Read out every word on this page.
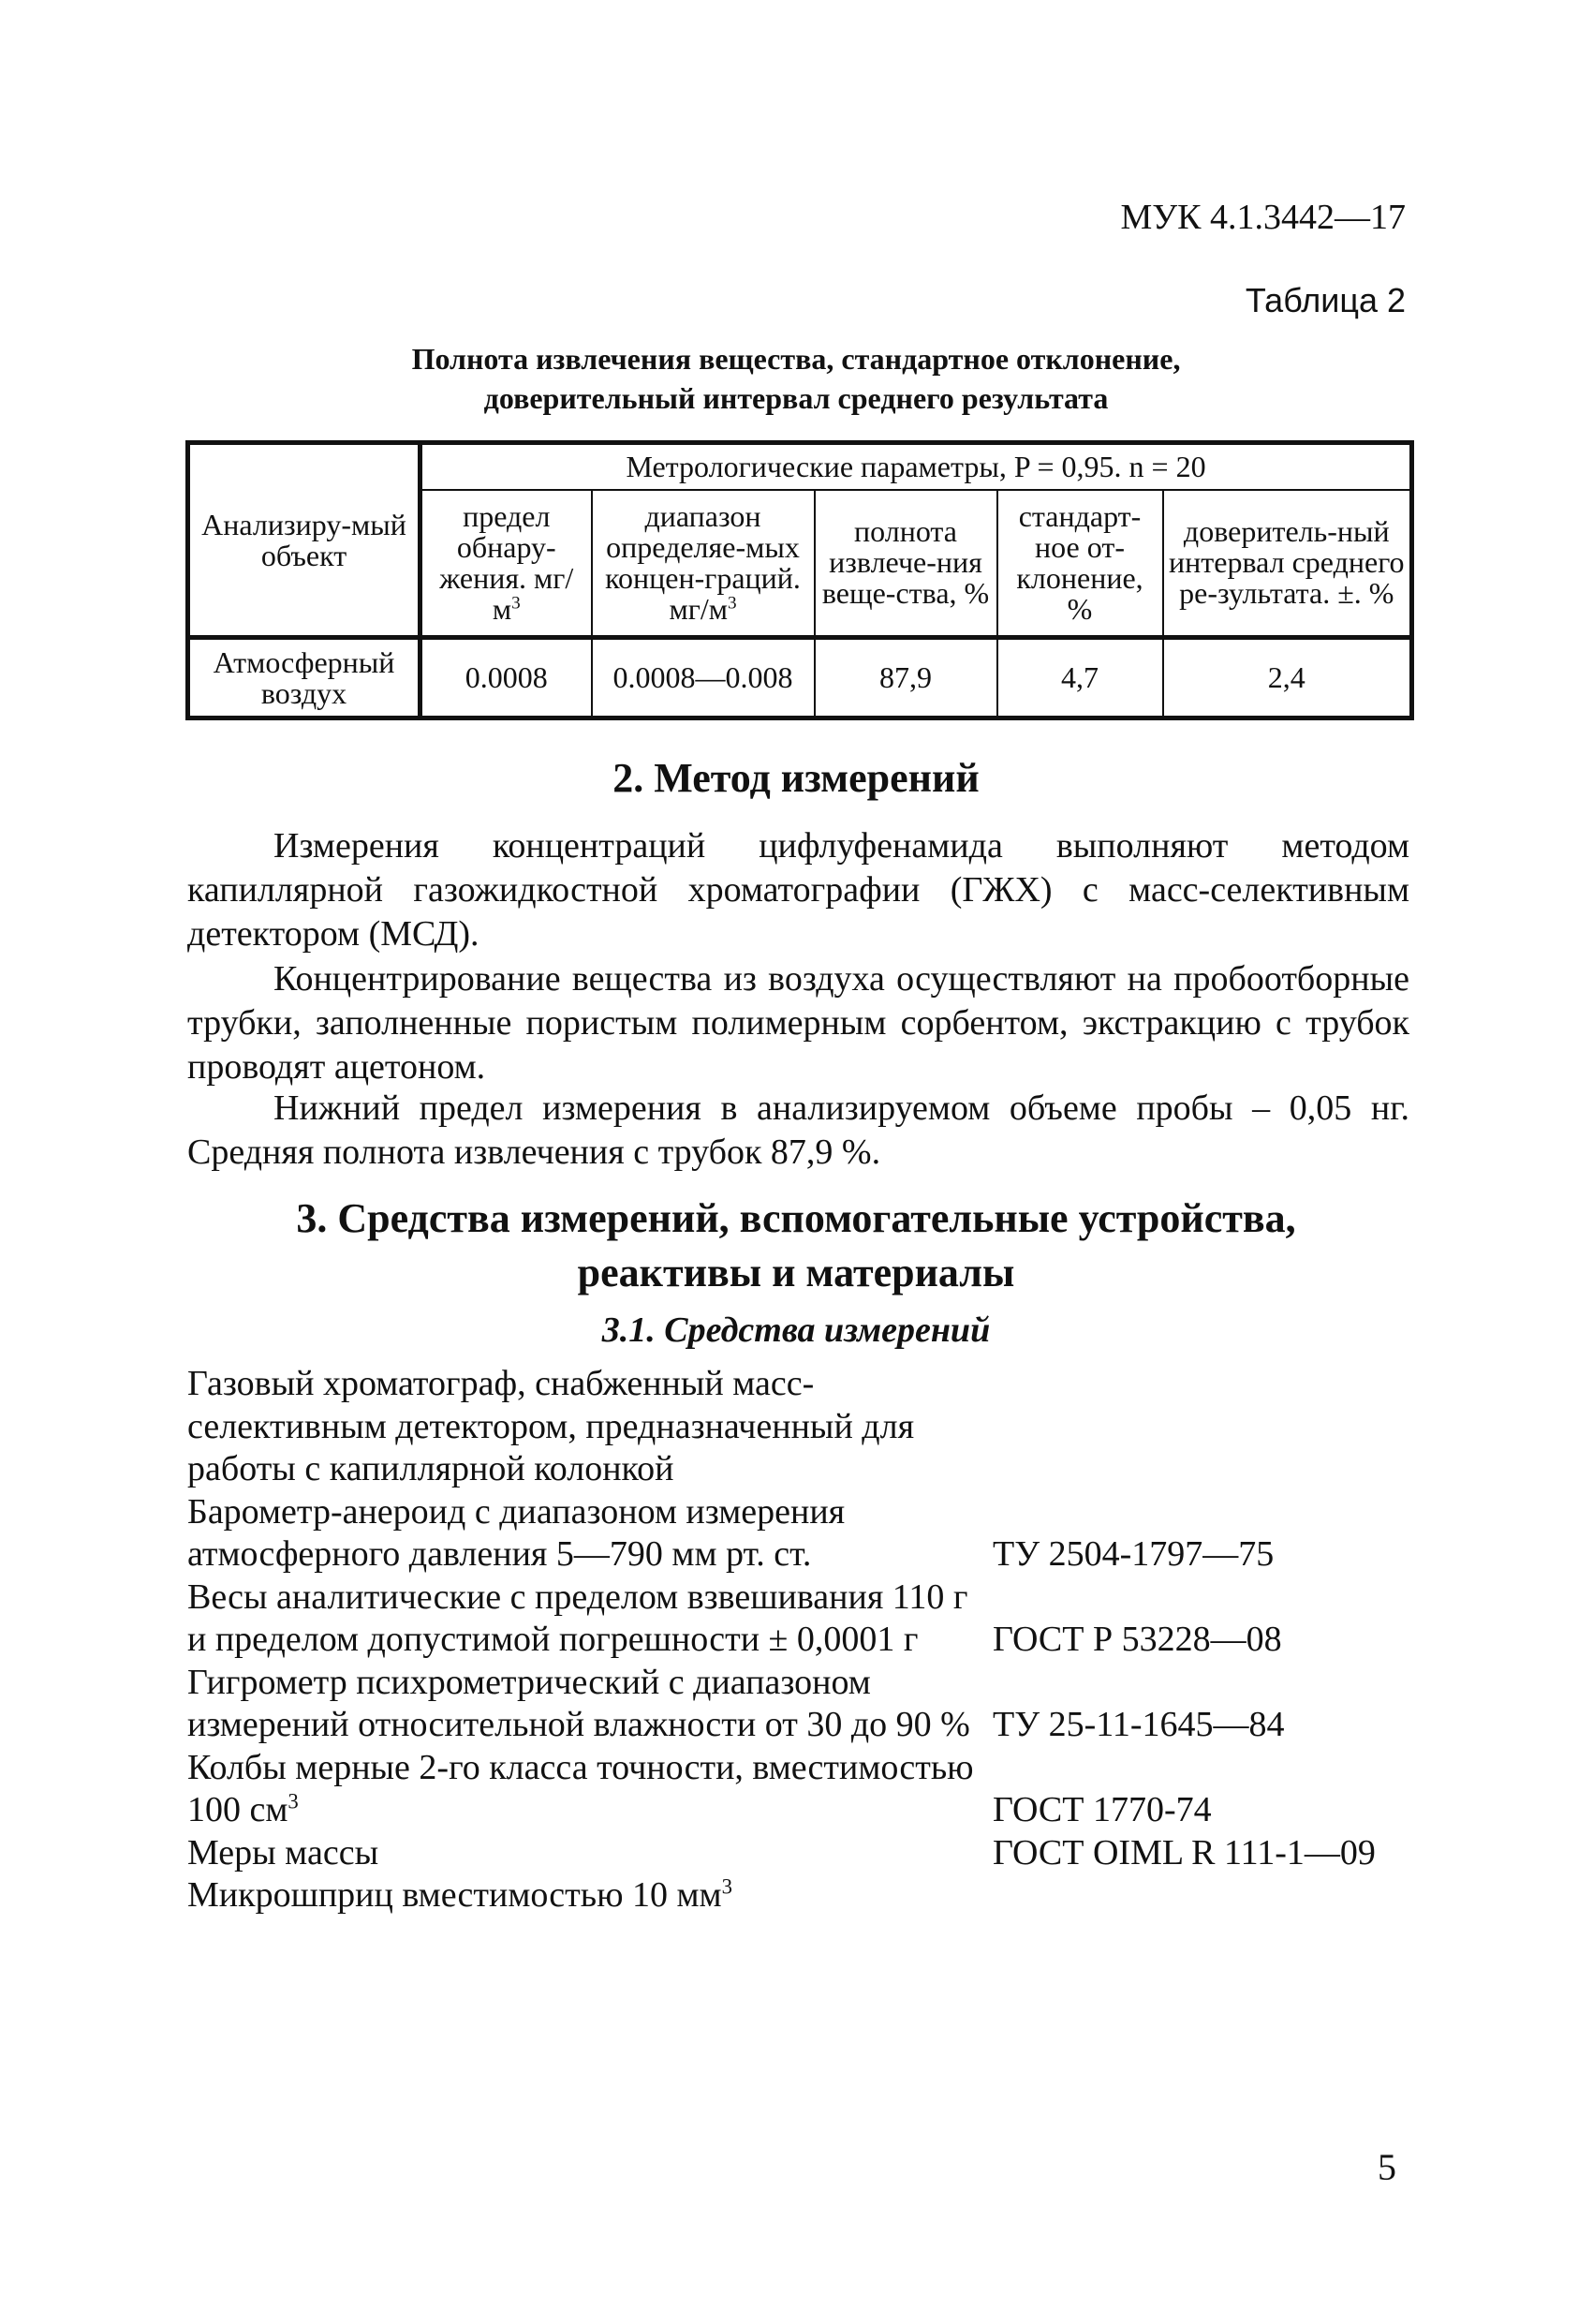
МУК 4.1.3442—17
Таблица 2
Полнота извлечения вещества, стандартное отклонение,
доверительный интервал среднего результата
Анализиру-мый объект	Метрологические параметры, P = 0,95. n = 20				
	предел обнару-жения. $мг/м^3$	диапазон определяе-мых концен-граций. $мг/м^3$	полнота извлече-ния веще-ства, %	стандарт-ное от-клонение, %	доверитель-ный интервал среднего ре-зультата. ±. %
Атмосферный воздух	0.0008	0.0008—0.008	87,9	4,7	2,4
2. Метод измерений

Измерения концентраций цифлуфенамида выполняют методом капиллярной газожидкостной хроматографии (ГЖХ) с масс-селективным детектором (МСД).

Концентрирование вещества из воздуха осуществляют на пробоотборные трубки, заполненные пористым полимерным сорбентом, экстракцию с трубок проводят ацетоном.

Нижний предел измерения в анализируемом объеме пробы – 0,05 нг. Средняя полнота извлечения с трубок 87,9 %.

3. Средства измерений, вспомогательные устройства,
реактивы и материалы
3.1. Средства измерений
Газовый хроматограф, снабженный масс-селективным детектором, предназначенный для работы с капиллярной колонкой
Барометр-анероид с диапазоном измерения атмосферного давления 5—790 мм рт. ст.	ТУ 2504-1797—75
Весы аналитические с пределом взвешивания 110 г и пределом допустимой погрешности ± 0,0001 г	ГОСТ Р 53228—08
Гигрометр психрометрический с диапазоном измерений относительной влажности от 30 до 90 % ТУ 25-11-1645—84
Колбы мерные 2-го класса точности, вместимостью 100 $см^3$	ГОСТ 1770-74
Меры массы	ГОСТ OIML R 111-1—09
Микрошприц вместимостью 10 $мм^3$
5
